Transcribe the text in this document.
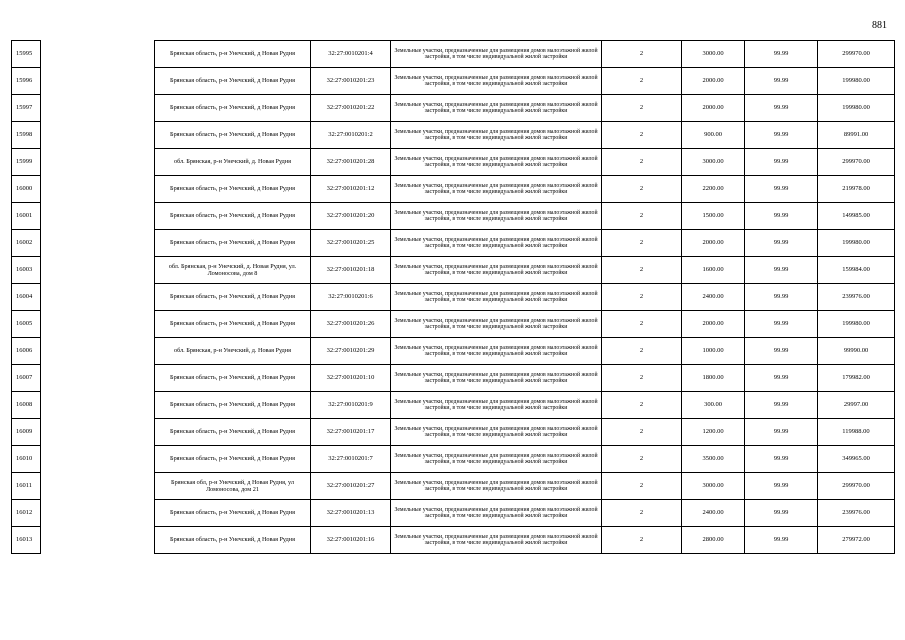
881
15995		Брянская область, р-н Унечский, д Новая Рудня	32:27:0010201:4	Земельные участки, предназначенные для размещения домов малоэтажной жилой застройки, в том числе индивидуальной жилой застройки	2	3000.00	99.99	299970.00
15996		Брянская область, р-н Унечский, д Новая Рудня	32:27:0010201:23	Земельные участки, предназначенные для размещения домов малоэтажной жилой застройки, в том числе индивидуальной жилой застройки	2	2000.00	99.99	199980.00
15997		Брянская область, р-н Унечский, д Новая Рудня	32:27:0010201:22	Земельные участки, предназначенные для размещения домов малоэтажной жилой застройки, в том числе индивидуальной жилой застройки	2	2000.00	99.99	199980.00
15998		Брянская область, р-н Унечский, д Новая Рудня	32:27:0010201:2	Земельные участки, предназначенные для размещения домов малоэтажной жилой застройки, в том числе индивидуальной жилой застройки	2	900.00	99.99	89991.00
15999		обл. Брянская, р-н Унечский, д. Новая Рудня	32:27:0010201:28	Земельные участки, предназначенные для размещения домов малоэтажной жилой застройки, в том числе индивидуальной жилой застройки	2	3000.00	99.99	299970.00
16000		Брянская область, р-н Унечский, д Новая Рудня	32:27:0010201:12	Земельные участки, предназначенные для размещения домов малоэтажной жилой застройки, в том числе индивидуальной жилой застройки	2	2200.00	99.99	219978.00
16001		Брянская область, р-н Унечский, д Новая Рудня	32:27:0010201:20	Земельные участки, предназначенные для размещения домов малоэтажной жилой застройки, в том числе индивидуальной жилой застройки	2	1500.00	99.99	149985.00
16002		Брянская область, р-н Унечский, д Новая Рудня	32:27:0010201:25	Земельные участки, предназначенные для размещения домов малоэтажной жилой застройки, в том числе индивидуальной жилой застройки	2	2000.00	99.99	199980.00
16003		обл. Брянская, р-н Унечский, д. Новая Рудня, ул. Ломоносова, дом 8	32:27:0010201:18	Земельные участки, предназначенные для размещения домов малоэтажной жилой застройки, в том числе индивидуальной жилой застройки	2	1600.00	99.99	159984.00
16004		Брянская область, р-н Унечский, д Новая Рудня	32:27:0010201:6	Земельные участки, предназначенные для размещения домов малоэтажной жилой застройки, в том числе индивидуальной жилой застройки	2	2400.00	99.99	239976.00
16005		Брянская область, р-н Унечский, д Новая Рудня	32:27:0010201:26	Земельные участки, предназначенные для размещения домов малоэтажной жилой застройки, в том числе индивидуальной жилой застройки	2	2000.00	99.99	199980.00
16006		обл. Брянская, р-н Унечский, д. Новая Рудня	32:27:0010201:29	Земельные участки, предназначенные для размещения домов малоэтажной жилой застройки, в том числе индивидуальной жилой застройки	2	1000.00	99.99	99990.00
16007		Брянская область, р-н Унечский, д Новая Рудня	32:27:0010201:10	Земельные участки, предназначенные для размещения домов малоэтажной жилой застройки, в том числе индивидуальной жилой застройки	2	1800.00	99.99	179982.00
16008		Брянская область, р-н Унечский, д Новая Рудня	32:27:0010201:9	Земельные участки, предназначенные для размещения домов малоэтажной жилой застройки, в том числе индивидуальной жилой застройки	2	300.00	99.99	29997.00
16009		Брянская область, р-н Унечский, д Новая Рудня	32:27:0010201:17	Земельные участки, предназначенные для размещения домов малоэтажной жилой застройки, в том числе индивидуальной жилой застройки	2	1200.00	99.99	119988.00
16010		Брянская область, р-н Унечский, д Новая Рудня	32:27:0010201:7	Земельные участки, предназначенные для размещения домов малоэтажной жилой застройки, в том числе индивидуальной жилой застройки	2	3500.00	99.99	349965.00
16011		Брянская обл, р-н Унечский, д Новая Рудня, ул Ломоносова, дом 21	32:27:0010201:27	Земельные участки, предназначенные для размещения домов малоэтажной жилой застройки, в том числе индивидуальной жилой застройки	2	3000.00	99.99	299970.00
16012		Брянская область, р-н Унечский, д Новая Рудня	32:27:0010201:13	Земельные участки, предназначенные для размещения домов малоэтажной жилой застройки, в том числе индивидуальной жилой застройки	2	2400.00	99.99	239976.00
16013		Брянская область, р-н Унечский, д Новая Рудня	32:27:0010201:16	Земельные участки, предназначенные для размещения домов малоэтажной жилой застройки, в том числе индивидуальной жилой застройки	2	2800.00	99.99	279972.00
